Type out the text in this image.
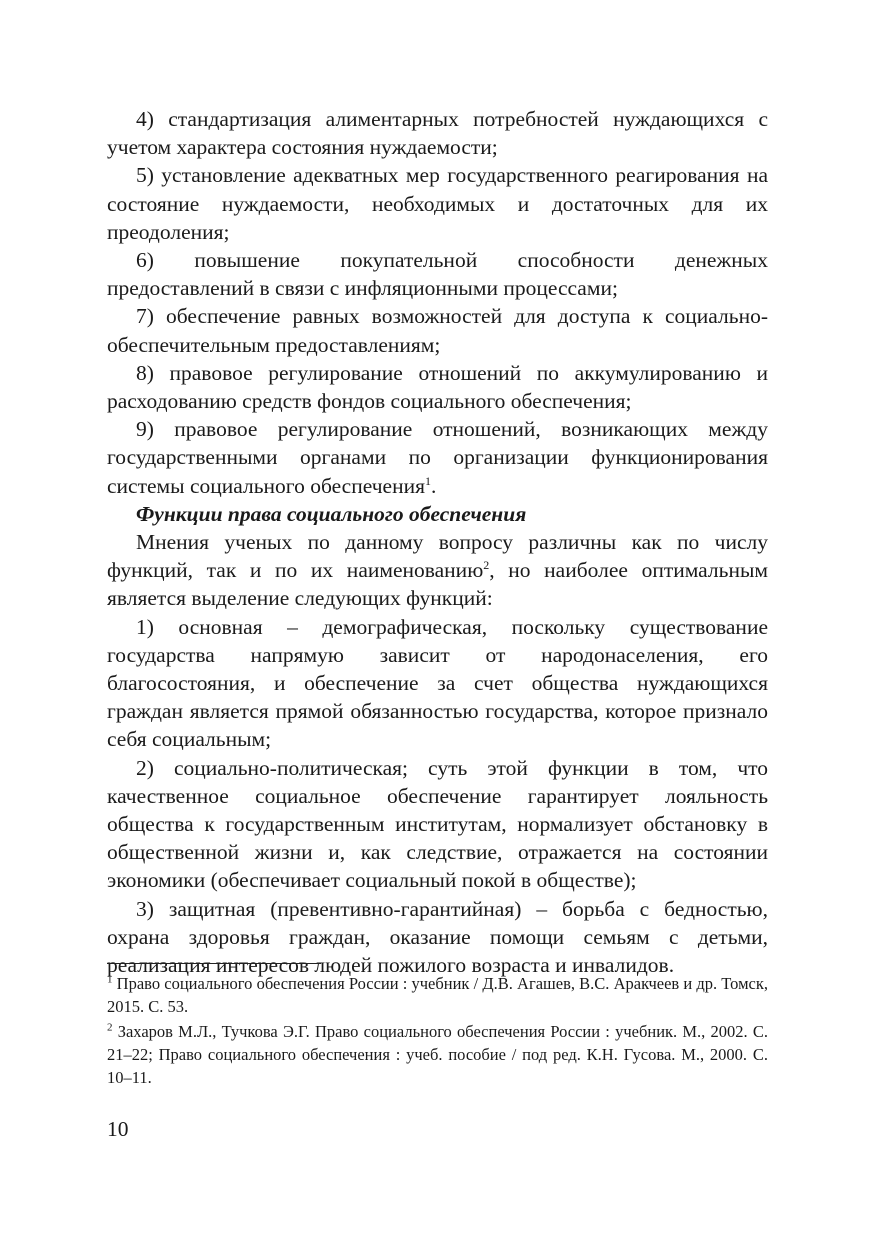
4) стандартизация алиментарных потребностей нуждающихся с учетом характера состояния нуждаемости;

5) установление адекватных мер государственного реагирования на состояние нуждаемости, необходимых и достаточных для их преодоления;

6) повышение покупательной способности денежных предоставлений в связи с инфляционными процессами;

7) обеспечение равных возможностей для доступа к социально-обеспечительным предоставлениям;

8) правовое регулирование отношений по аккумулированию и расходованию средств фондов социального обеспечения;

9) правовое регулирование отношений, возникающих между государственными органами по организации функционирования системы социального обеспечения$^1$.

Функции права социального обеспечения

Мнения ученых по данному вопросу различны как по числу функций, так и по их наименованию$^2$, но наиболее оптимальным является выделение следующих функций:

1) основная – демографическая, поскольку существование государства напрямую зависит от народонаселения, его благосостояния, и обеспечение за счет общества нуждающихся граждан является прямой обязанностью государства, которое признало себя социальным;

2) социально-политическая; суть этой функции в том, что качественное социальное обеспечение гарантирует лояльность общества к государственным институтам, нормализует обстановку в общественной жизни и, как следствие, отражается на состоянии экономики (обеспечивает социальный покой в обществе);

3) защитная (превентивно-гарантийная) – борьба с бедностью, охрана здоровья граждан, оказание помощи семьям с детьми, реализация интересов людей пожилого возраста и инвалидов.

$^1$ Право социального обеспечения России : учебник / Д.В. Агашев, В.С. Аракчеев и др. Томск, 2015. С. 53.

$^2$ Захаров М.Л., Тучкова Э.Г. Право социального обеспечения России : учебник. М., 2002. С. 21–22; Право социального обеспечения : учеб. пособие / под ред. К.Н. Гусова. М., 2000. С. 10–11.

10
